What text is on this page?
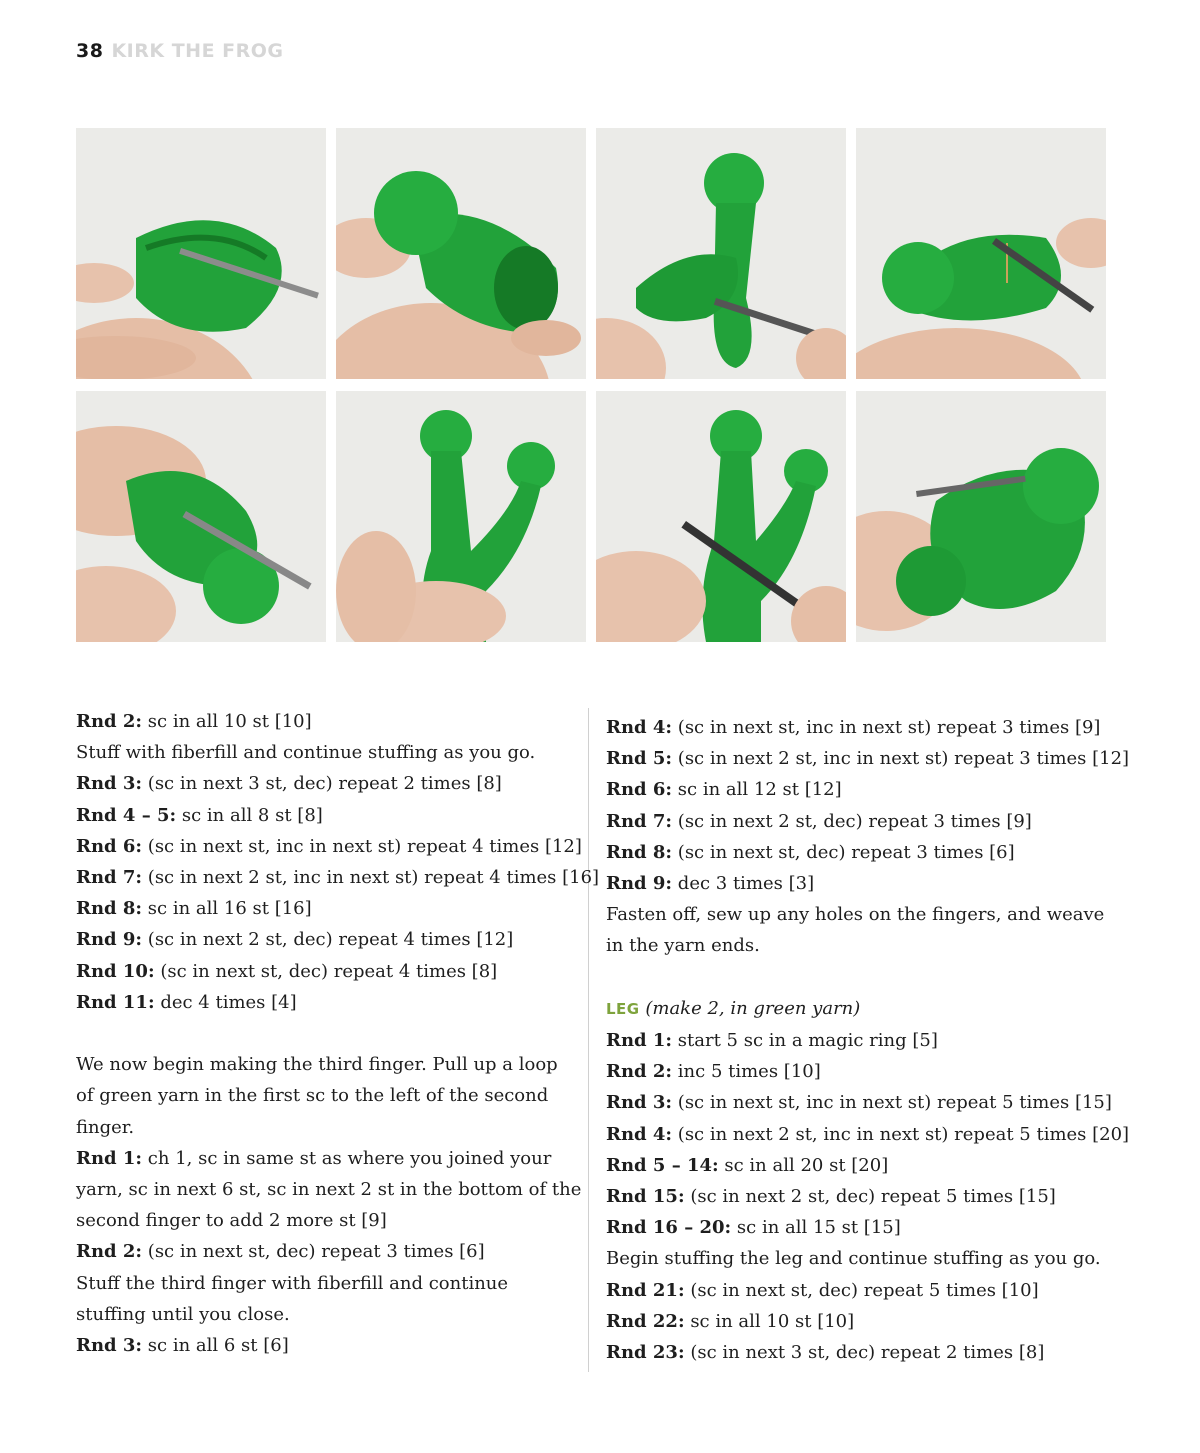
38 KIRK THE FROG
Rnd 2: sc in all 10 st [10]
Stuff with fiberfill and continue stuffing as you go.
Rnd 3: (sc in next 3 st, dec) repeat 2 times [8]
Rnd 4 – 5: sc in all 8 st [8]
Rnd 6: (sc in next st, inc in next st) repeat 4 times [12]
Rnd 7: (sc in next 2 st, inc in next st) repeat 4 times [16]
Rnd 8: sc in all 16 st [16]
Rnd 9: (sc in next 2 st, dec) repeat 4 times [12]
Rnd 10: (sc in next st, dec) repeat 4 times [8]
Rnd 11: dec 4 times [4]
We now begin making the third finger. Pull up a loop
of green yarn in the first sc to the left of the second
finger.
Rnd 1: ch 1, sc in same st as where you joined your
yarn, sc in next 6 st, sc in next 2 st in the bottom of the
second finger to add 2 more st [9]
Rnd 2: (sc in next st, dec) repeat 3 times [6]
Stuff the third finger with fiberfill and continue
stuffing until you close.
Rnd 3: sc in all 6 st [6]
Rnd 4: (sc in next st, inc in next st) repeat 3 times [9]
Rnd 5: (sc in next 2 st, inc in next st) repeat 3 times [12]
Rnd 6: sc in all 12 st [12]
Rnd 7: (sc in next 2 st, dec) repeat 3 times [9]
Rnd 8: (sc in next st, dec) repeat 3 times [6]
Rnd 9: dec 3 times [3]
Fasten off, sew up any holes on the fingers, and weave
in the yarn ends.
LEG (make 2, in green yarn)
Rnd 1: start 5 sc in a magic ring [5]
Rnd 2: inc 5 times [10]
Rnd 3: (sc in next st, inc in next st) repeat 5 times [15]
Rnd 4: (sc in next 2 st, inc in next st) repeat 5 times [20]
Rnd 5 – 14: sc in all 20 st [20]
Rnd 15: (sc in next 2 st, dec) repeat 5 times [15]
Rnd 16 – 20: sc in all 15 st [15]
Begin stuffing the leg and continue stuffing as you go.
Rnd 21: (sc in next st, dec) repeat 5 times [10]
Rnd 22: sc in all 10 st [10]
Rnd 23: (sc in next 3 st, dec) repeat 2 times [8]
